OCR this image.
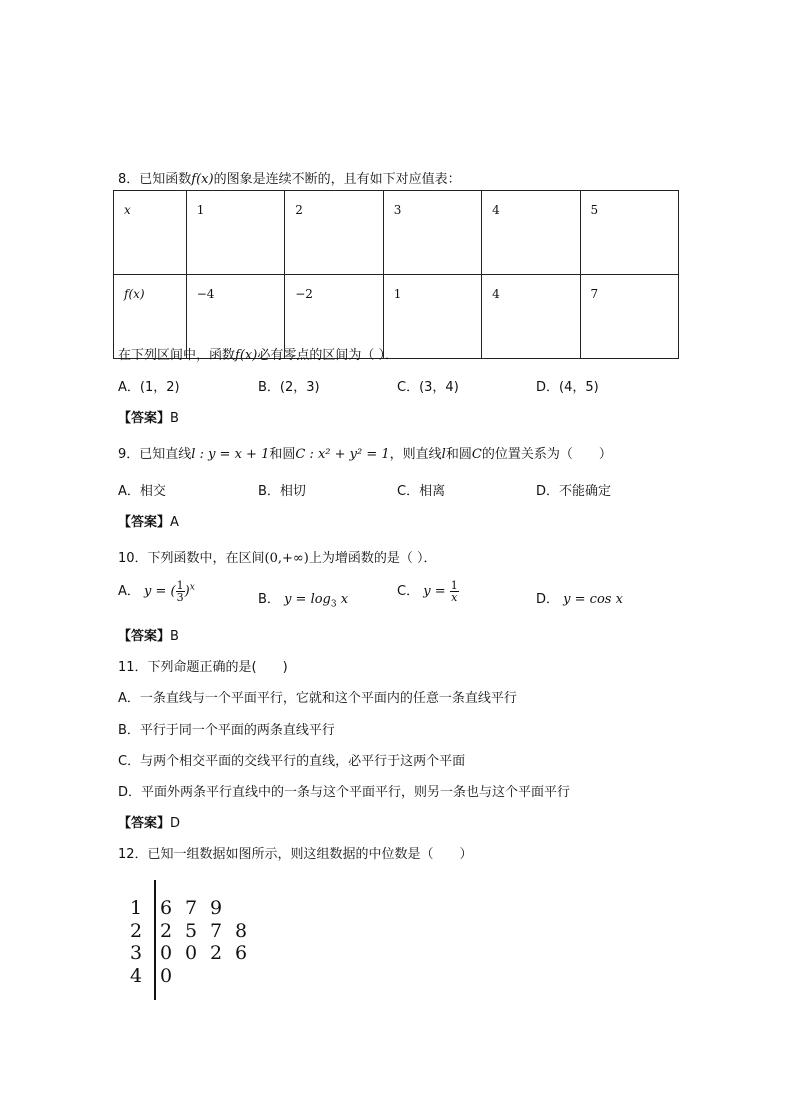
8．已知函数f(x)的图象是连续不断的，且有如下对应值表：
x	1	2	3	4	5
f(x)	−4	−2	1	4	7
在下列区间中，函数f(x)必有零点的区间为（ ）．
A．(1，2)	B．(2，3)	C．(3，4)	D．(4，5)
【答案】B
9．已知直线l : y = x + 1和圆C : x² + y² = 1，则直线l和圆C的位置关系为（　　）
A．相交	B．相切	C．相离	D．不能确定
【答案】A
10．下列函数中，在区间(0,+∞)上为增函数的是（ ）．
A． y = ( $\frac{1}{3} )^x$
B． $y = \log_3 x$
C． $y = \frac{1}{x}$	D． y = cos x
【答案】B
11．下列命题正确的是(　　)
A．一条直线与一个平面平行，它就和这个平面内的任意一条直线平行
B．平行于同一个平面的两条直线平行
C．与两个相交平面的交线平行的直线，必平行于这两个平面
D．平面外两条平行直线中的一条与这个平面平行，则另一条也与这个平面平行
【答案】D
12．已知一组数据如图所示，则这组数据的中位数是（　　）
1 6 7 9
2 2 5 7 8
3 0 0 2 6
4 0
